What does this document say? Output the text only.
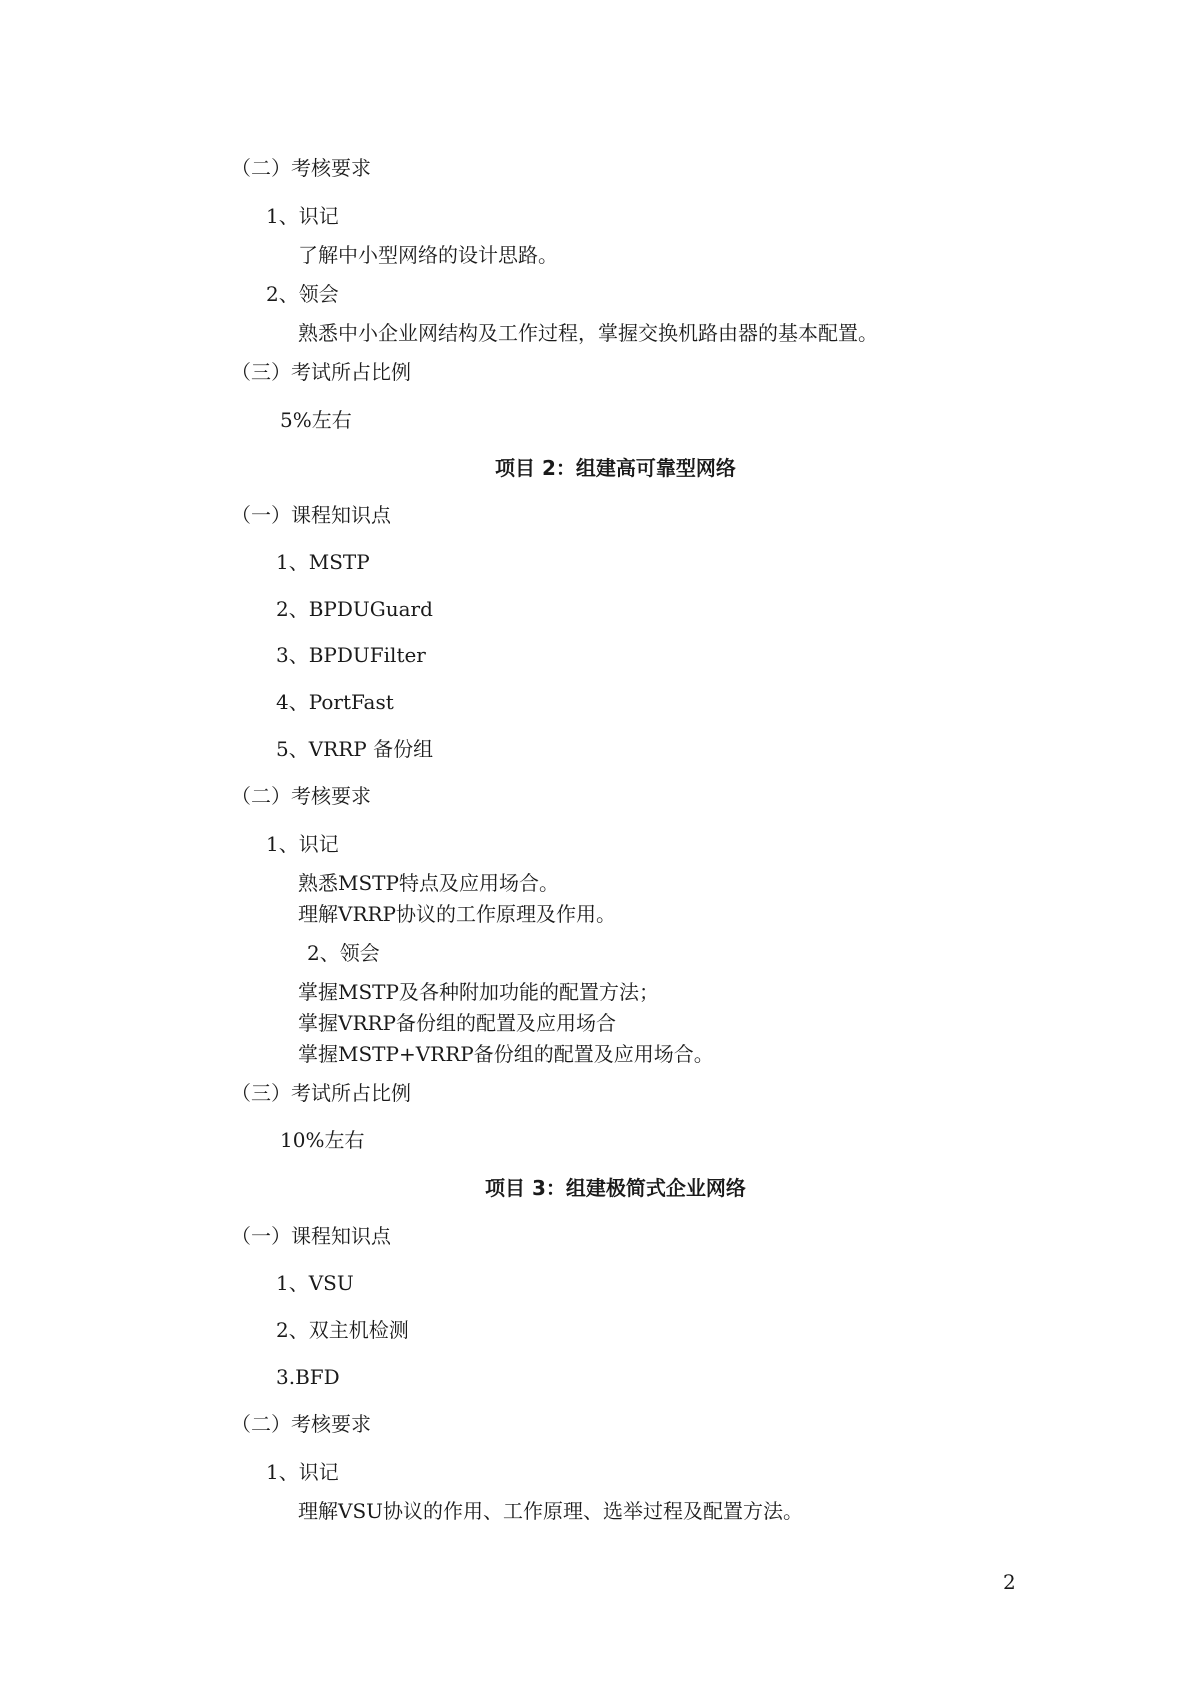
（二）考核要求
1、识记
了解中小型网络的设计思路。
2、领会
熟悉中小企业网结构及工作过程，掌握交换机路由器的基本配置。
（三）考试所占比例
5%左右
项目 2：组建高可靠型网络
（一）课程知识点
1、MSTP
2、BPDUGuard
3、BPDUFilter
4、PortFast
5、VRRP 备份组
（二）考核要求
1、识记
熟悉MSTP特点及应用场合。
理解VRRP协议的工作原理及作用。
2、领会
掌握MSTP及各种附加功能的配置方法；
掌握VRRP备份组的配置及应用场合
掌握MSTP+VRRP备份组的配置及应用场合。
（三）考试所占比例
10%左右
项目 3：组建极简式企业网络
（一）课程知识点
1、VSU
2、双主机检测
3.BFD
（二）考核要求
1、识记
理解VSU协议的作用、工作原理、选举过程及配置方法。
2
